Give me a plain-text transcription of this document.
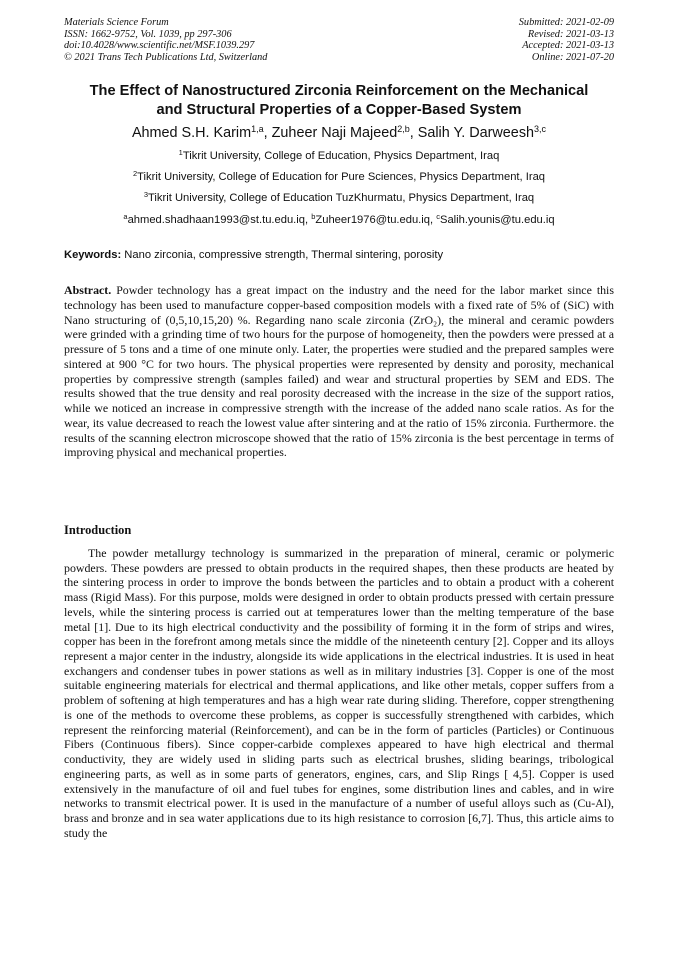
Materials Science Forum
ISSN: 1662-9752, Vol. 1039, pp 297-306
doi:10.4028/www.scientific.net/MSF.1039.297
© 2021 Trans Tech Publications Ltd, Switzerland
Submitted: 2021-02-09
Revised: 2021-03-13
Accepted: 2021-03-13
Online: 2021-07-20
The Effect of Nanostructured Zirconia Reinforcement on the Mechanical
and Structural Properties of a Copper-Based System
Ahmed S.H. Karim$^{1,a}$, Zuheer Naji Majeed$^{2,b}$, Salih Y. Darweesh$^{3,c}$
$^1$Tikrit University, College of Education, Physics Department, Iraq
$^2$Tikrit University, College of Education for Pure Sciences, Physics Department, Iraq
$^3$Tikrit University, College of Education TuzKhurmatu, Physics Department, Iraq
$^a$ahmed.shadhaan1993@st.tu.edu.iq, $^b$Zuheer1976@tu.edu.iq, $^c$Salih.younis@tu.edu.iq
Keywords: Nano zirconia, compressive strength, Thermal sintering, porosity

Abstract. Powder technology has a great impact on the industry and the need for the labor market since this technology has been used to manufacture copper-based composition models with a fixed rate of 5% of (SiC) with Nano structuring of (0,5,10,15,20) %. Regarding nano scale zirconia (ZrO₂), the mineral and ceramic powders were grinded with a grinding time of two hours for the purpose of homogeneity, then the powders were pressed at a pressure of 5 tons and a time of one minute only. Later, the properties were studied and the prepared samples were sintered at 900 °C for two hours. The physical properties were represented by density and porosity, mechanical properties by compressive strength (samples failed) and wear and structural properties by SEM and EDS. The results showed that the true density and real porosity decreased with the increase in the size of the support ratios, while we noticed an increase in compressive strength with the increase of the added nano scale ratios. As for the wear, its value decreased to reach the lowest value after sintering and at the ratio of 15% zirconia. Furthermore. the results of the scanning electron microscope showed that the ratio of 15% zirconia is the best percentage in terms of improving physical and mechanical properties.

Introduction

The powder metallurgy technology is summarized in the preparation of mineral, ceramic or polymeric powders. These powders are pressed to obtain products in the required shapes, then these products are heated by the sintering process in order to improve the bonds between the particles and to obtain a product with a coherent mass (Rigid Mass). For this purpose, molds were designed in order to obtain products pressed with certain pressure levels, while the sintering process is carried out at temperatures lower than the melting temperature of the base metal [1]. Due to its high electrical conductivity and the possibility of forming it in the form of strips and wires, copper has been in the forefront among metals since the middle of the nineteenth century [2]. Copper and its alloys represent a major center in the industry, alongside its wide applications in the electrical industries. It is used in heat exchangers and condenser tubes in power stations as well as in military industries [3]. Copper is one of the most suitable engineering materials for electrical and thermal applications, and like other metals, copper suffers from a problem of softening at high temperatures and has a high wear rate during sliding. Therefore, copper strengthening is one of the methods to overcome these problems, as copper is successfully strengthened with carbides, which represent the reinforcing material (Reinforcement), and can be in the form of particles (Particles) or Continuous Fibers (Continuous fibers). Since copper-carbide complexes appeared to have high electrical and thermal conductivity, they are widely used in sliding parts such as electrical brushes, sliding bearings, tribological engineering parts, as well as in some parts of generators, engines, cars, and Slip Rings [ 4,5]. Copper is used extensively in the manufacture of oil and fuel tubes for engines, some distribution lines and cables, and in wire networks to transmit electrical power. It is used in the manufacture of a number of useful alloys such as (Cu-Al), brass and bronze and in sea water applications due to its high resistance to corrosion [6,7]. Thus, this article aims to study the
